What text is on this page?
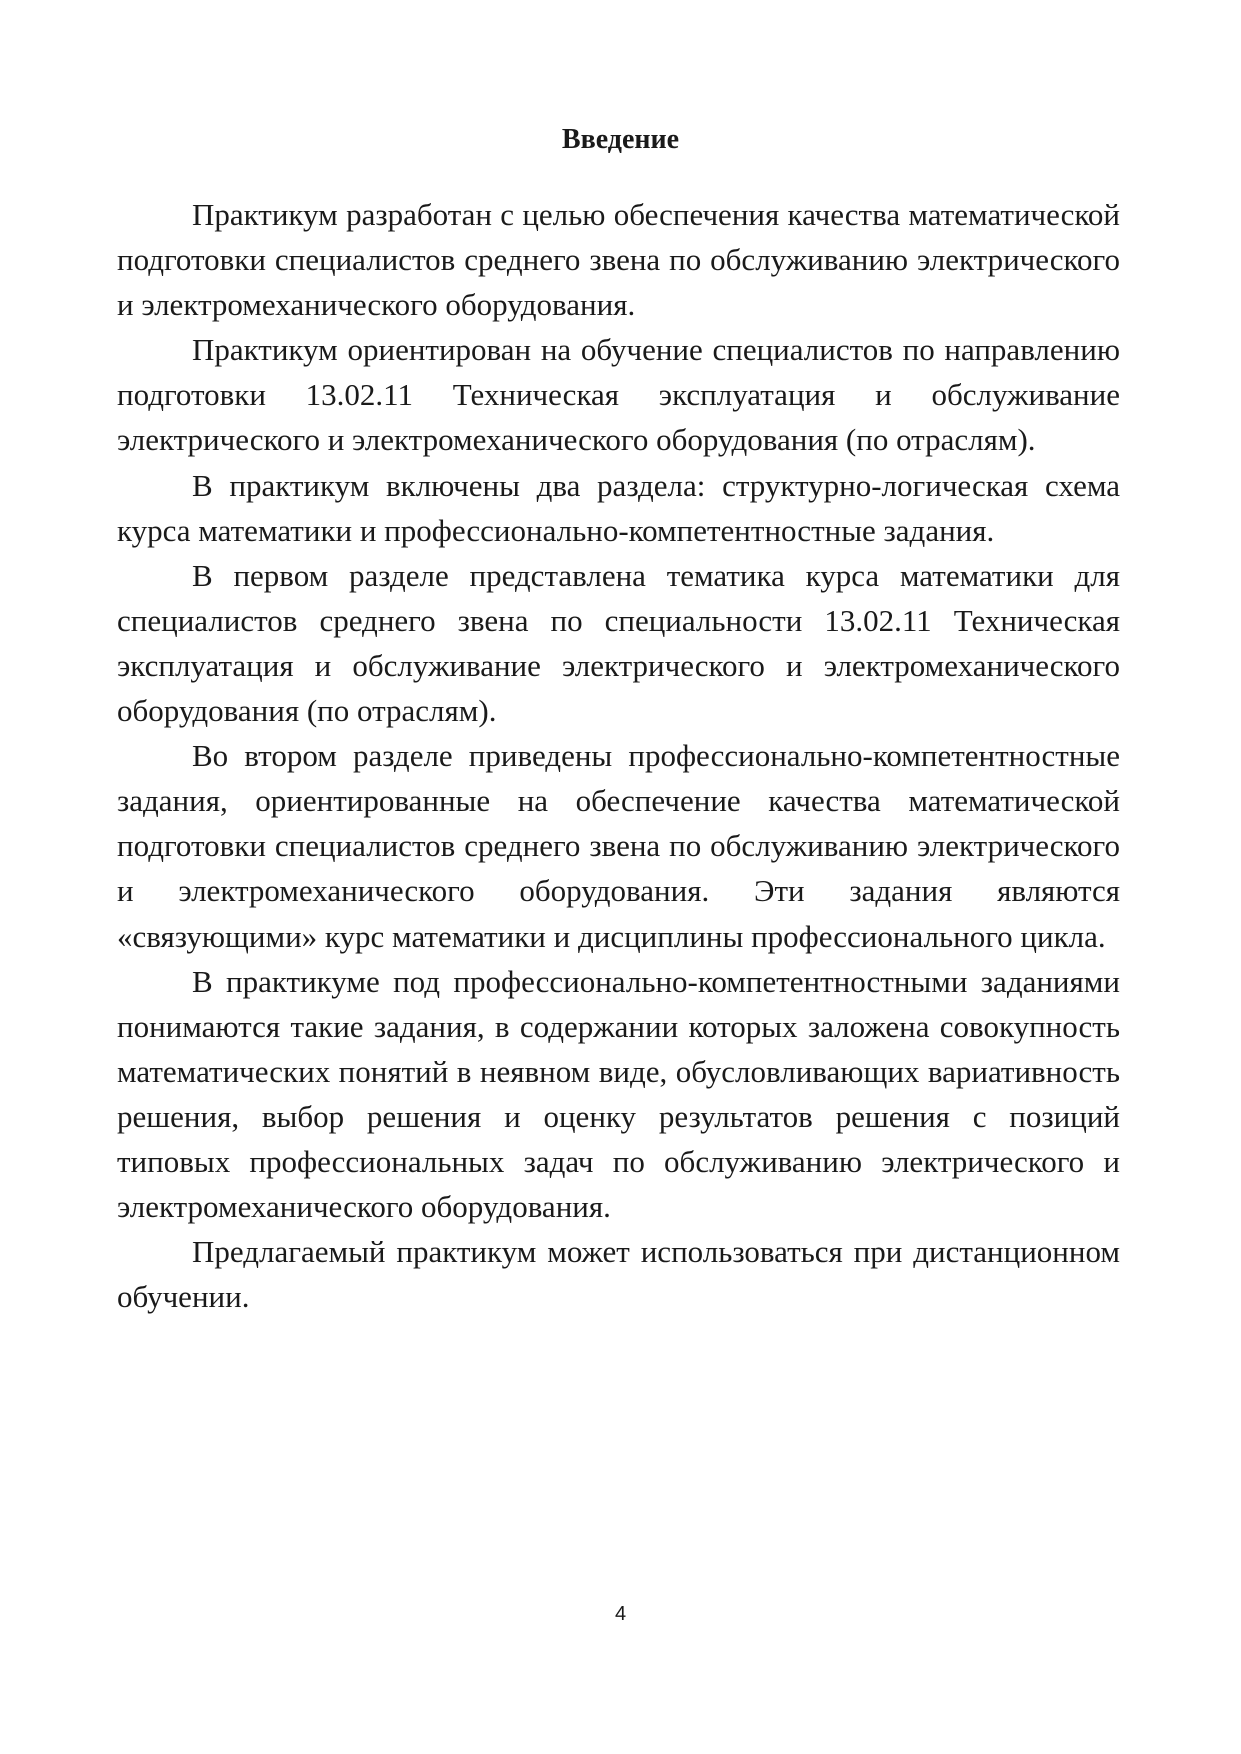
Введение

Практикум разработан с целью обеспечения качества математической подготовки специалистов среднего звена по обслуживанию электрического и электромеханического оборудования.

Практикум ориентирован на обучение специалистов по направлению подготовки 13.02.11 Техническая эксплуатация и обслуживание электрического и электромеханического оборудования (по отраслям).

В практикум включены два раздела: структурно-логическая схема курса математики и профессионально-компетентностные задания.

В первом разделе представлена тематика курса математики для специалистов среднего звена по специальности 13.02.11 Техническая эксплуатация и обслуживание электрического и электромеханического оборудования (по отраслям).

Во втором разделе приведены профессионально-компетентностные задания, ориентированные на обеспечение качества математической подготовки специалистов среднего звена по обслуживанию электрического и электромеханического оборудования. Эти задания являются «связующими» курс математики и дисциплины профессионального цикла.

В практикуме под профессионально-компетентностными заданиями понимаются такие задания, в содержании которых заложена совокупность математических понятий в неявном виде, обусловливающих вариативность решения, выбор решения и оценку результатов решения с позиций типовых профессиональных задач по обслуживанию электрического и электромеханического оборудования.

Предлагаемый практикум может использоваться при дистанционном обучении.

4
